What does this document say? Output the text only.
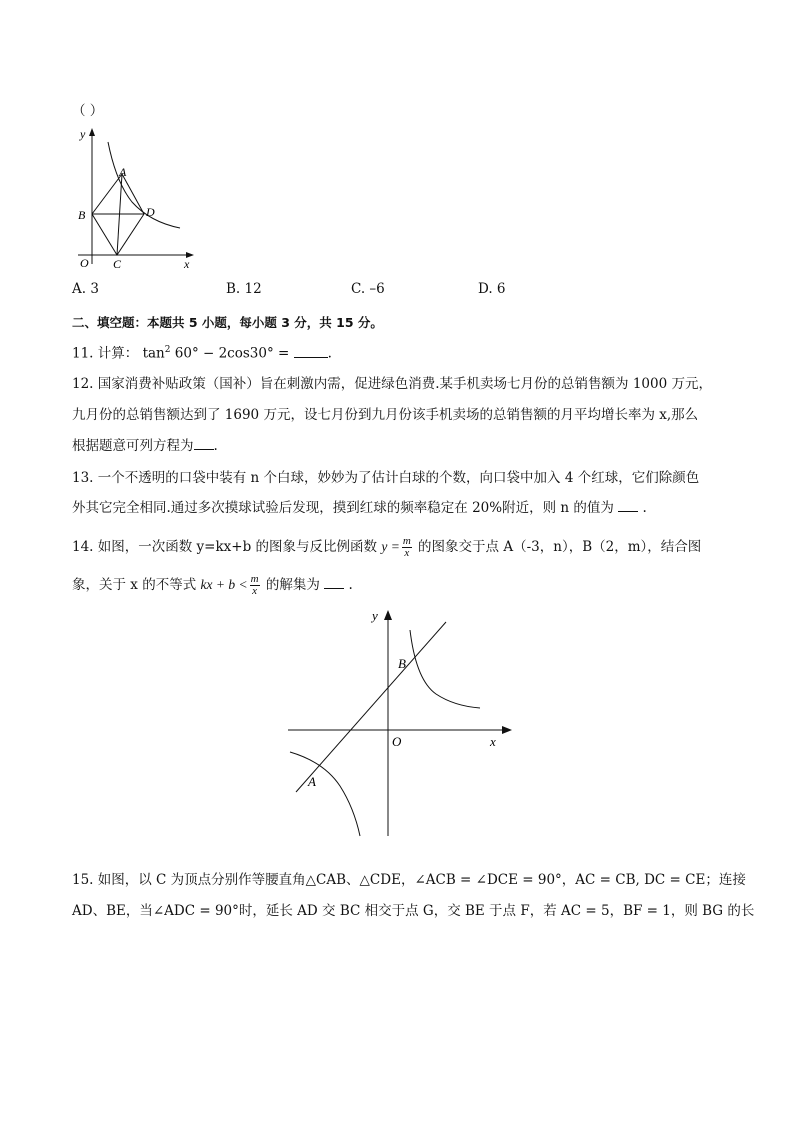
（ ）
y
x
O
A
B
C
D
A. 3	B. 12	C. –6	D. 6
二、填空题：本题共 5 小题，每小题 3 分，共 15 分。
11. 计算： $\tan^2 60^\circ - 2\cos 30^\circ$ =	.
12. 国家消费补贴政策（国补）旨在刺激内需，促进绿色消费.某手机卖场七月份的总销售额为 1000 万元，
九月份的总销售额达到了 1690 万元，设七月份到九月份该手机卖场的总销售额的月平均增长率为 x,那么
根据题意可列方程为 .
13. 一个不透明的口袋中装有 n 个白球，妙妙为了估计白球的个数，向口袋中加入 4 个红球，它们除颜色
外其它完全相同.通过多次摸球试验后发现，摸到红球的频率稳定在 20%附近，则 n 的值为 .
14. 如图，一次函数 y=kx+b 的图象与反比例函数 $y = \frac{m}{x}$ 的图象交于点 A（-3，n），B（2，m），结合图
象，关于 x 的不等式 kx + $b < \frac{m}{x}$ 的解集为 .
y
x
O
B
A
15. 如图，以 C 为顶点分别作等腰直角△CAB、△CDE，∠ACB = ∠DCE = 90°，AC = CB, DC = CE；连接
AD、BE，当∠ADC = 90°时，延长 AD 交 BC 相交于点 G，交 BE 于点 F，若 AC = 5，BF = 1，则 BG 的长
